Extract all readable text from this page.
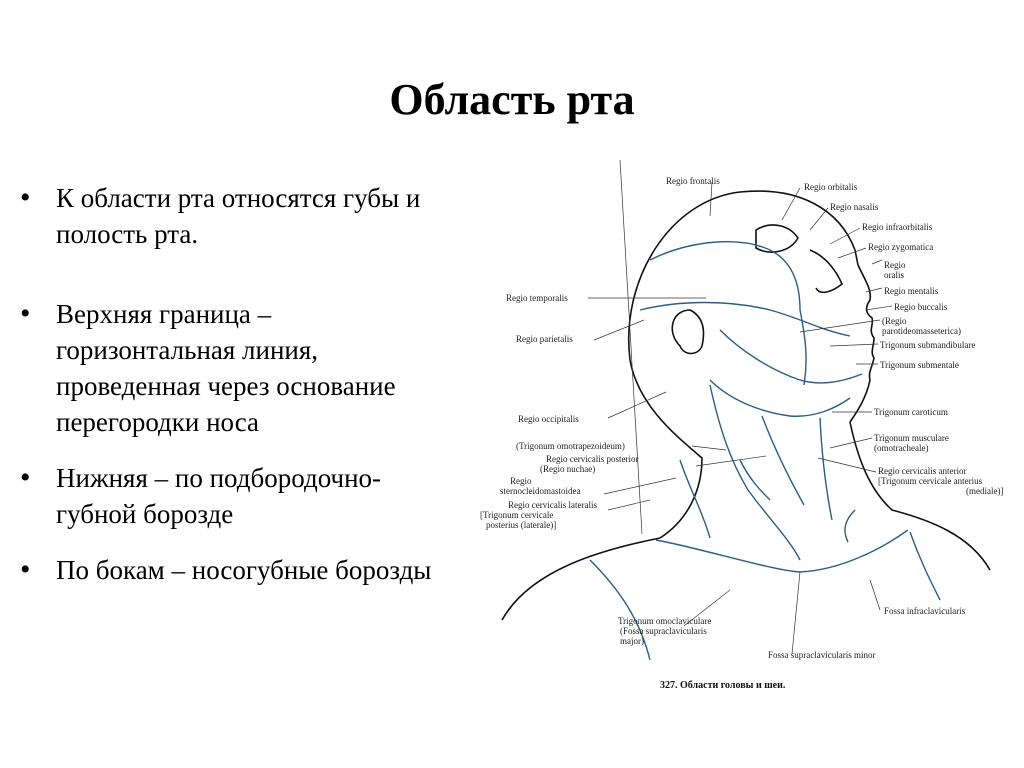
Область рта
• К области рта относятся губы и полость рта.
• Верхняя граница – горизонтальная линия, проведенная через основание перегородки носа
• Нижняя – по подбородочно-губной борозде
• По бокам – носогубные борозды
Regio frontalis
Regio orbitalis
Regio nasalis
Regio infraorbitalis
Regio zygomatica
Regio
oralis
Regio temporalis
Regio mentalis
Regio buccalis
(Regio
parotideomasseterica)
Regio parietalis
Trigonum submandibulare
Trigonum submentale
Regio occipitalis
Trigonum caroticum
(Trigonum omotrapezoideum)
Trigonum musculare
(omotracheale)
Regio cervicalis posterior
(Regio nuchae)	Regio cervicalis anterior
[Trigonum cervicale anterius
(mediale)]
Regio
sternocleidomastoidea
Regio cervicalis lateralis
[Trigonum cervicale
posterius (laterale)]
Fossa infraclavicularis
Trigonum omoclaviculare
(Fossa supraclavicularis
major)
Fossa supraclavicularis minor
327. Области головы и шеи.
